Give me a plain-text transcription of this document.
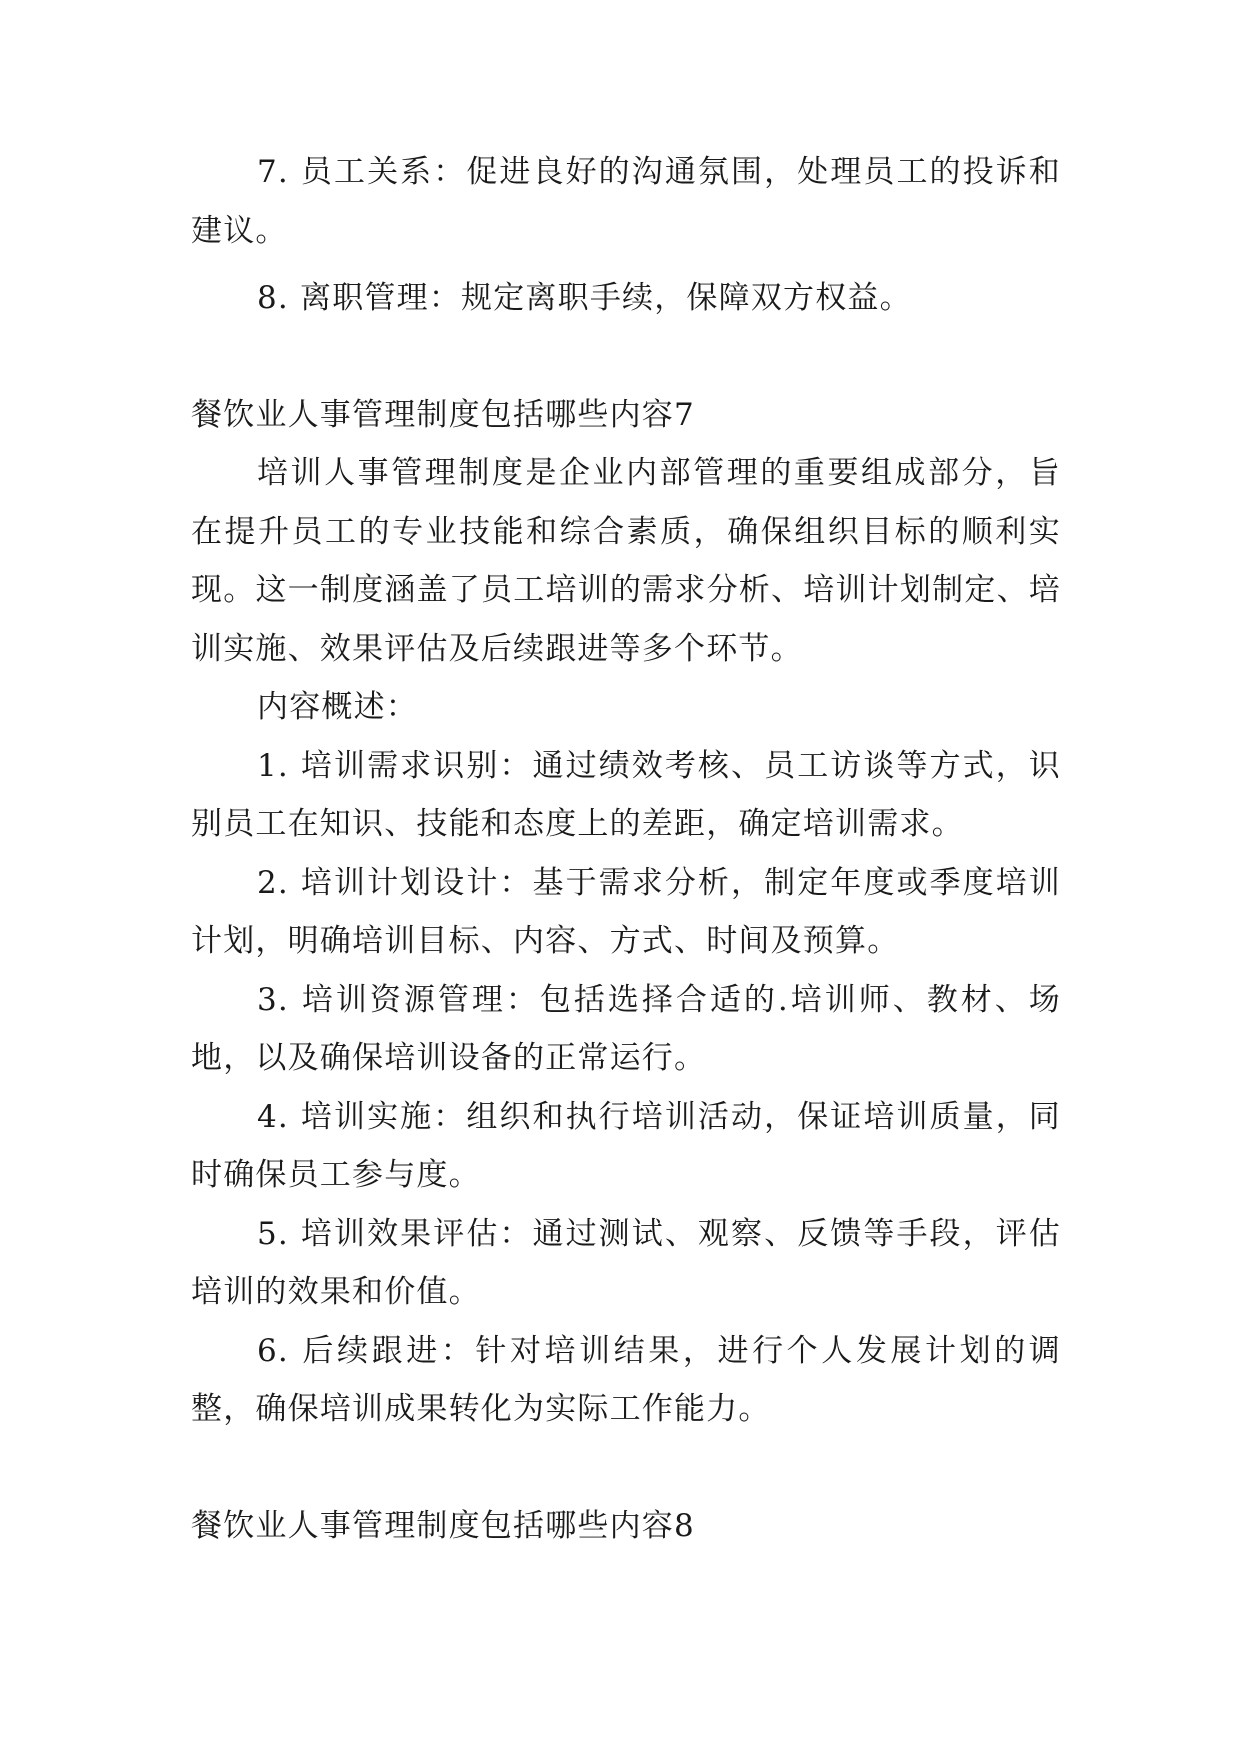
7. 员工关系：促进良好的沟通氛围，处理员工的投诉和建议。

8. 离职管理：规定离职手续，保障双方权益。

餐饮业人事管理制度包括哪些内容7

培训人事管理制度是企业内部管理的重要组成部分，旨在提升员工的专业技能和综合素质，确保组织目标的顺利实现。这一制度涵盖了员工培训的需求分析、培训计划制定、培训实施、效果评估及后续跟进等多个环节。

内容概述：

1. 培训需求识别：通过绩效考核、员工访谈等方式，识别员工在知识、技能和态度上的差距，确定培训需求。

2. 培训计划设计：基于需求分析，制定年度或季度培训计划，明确培训目标、内容、方式、时间及预算。

3. 培训资源管理：包括选择合适的.培训师、教材、场地，以及确保培训设备的正常运行。

4. 培训实施：组织和执行培训活动，保证培训质量，同时确保员工参与度。

5. 培训效果评估：通过测试、观察、反馈等手段，评估培训的效果和价值。

6. 后续跟进：针对培训结果，进行个人发展计划的调整，确保培训成果转化为实际工作能力。

餐饮业人事管理制度包括哪些内容8
